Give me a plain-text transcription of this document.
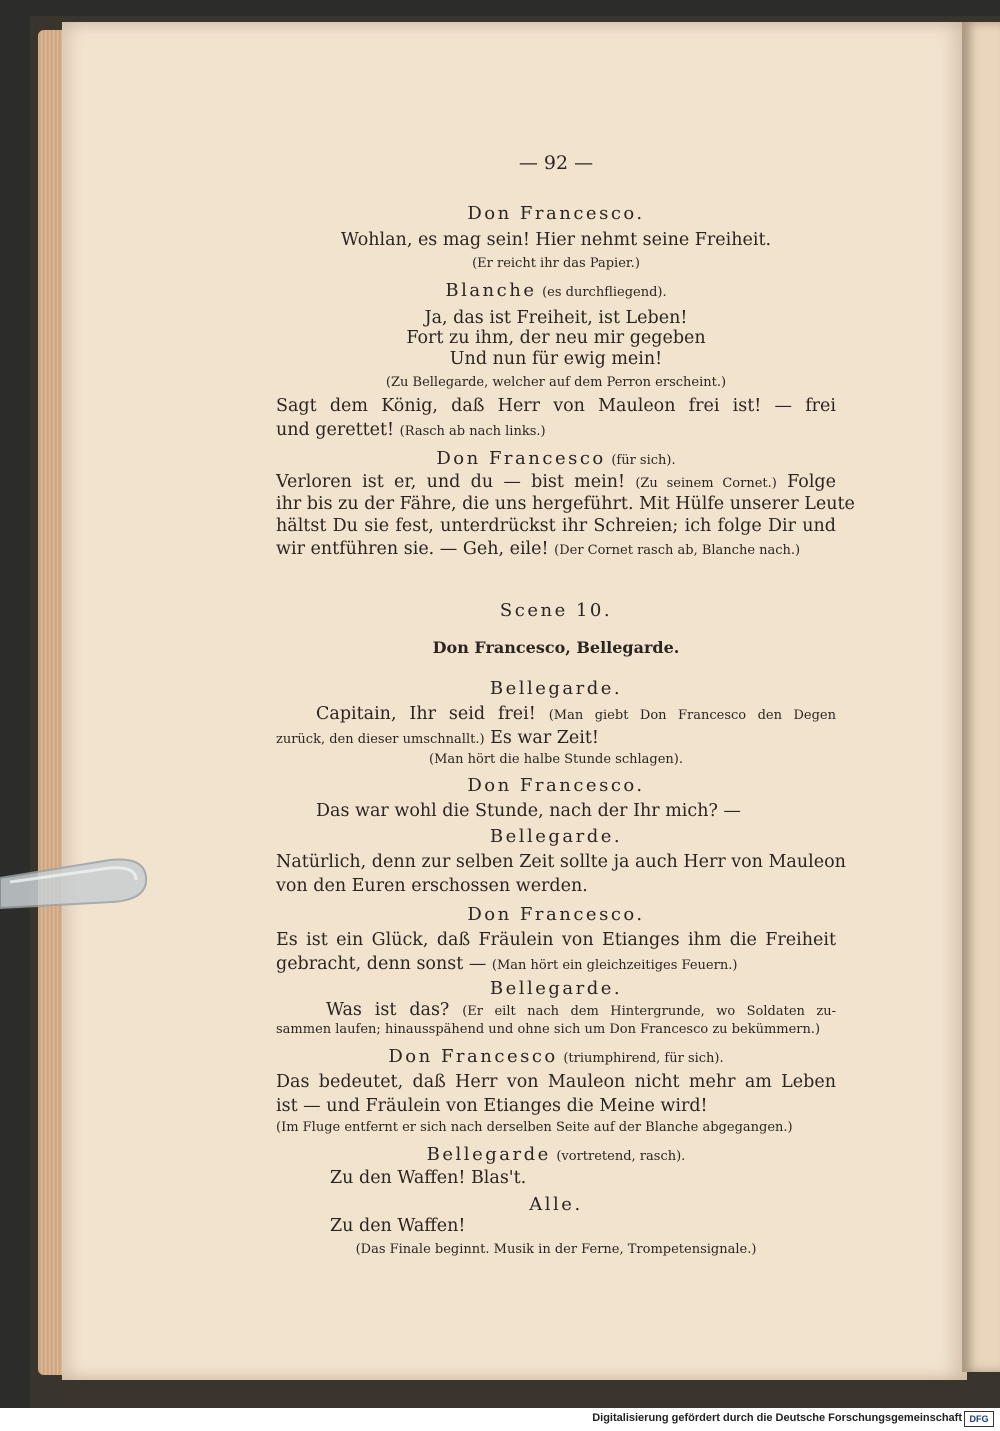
— 92 —
Don Francesco.
Wohlan, es mag sein! Hier nehmt seine Freiheit.
(Er reicht ihr das Papier.)
Blanche (es durchfliegend).
Ja, das ist Freiheit, ist Leben!
Fort zu ihm, der neu mir gegeben
Und nun für ewig mein!
(Zu Bellegarde, welcher auf dem Perron erscheint.)
Sagt dem König, daß Herr von Mauleon frei ist! — frei
und gerettet! (Rasch ab nach links.)
Don Francesco (für sich).
Verloren ist er, und du — bist mein! (Zu seinem Cornet.) Folge
ihr bis zu der Fähre, die uns hergeführt. Mit Hülfe unserer Leute
hältst Du sie fest, unterdrückst ihr Schreien; ich folge Dir und
wir entführen sie. — Geh, eile! (Der Cornet rasch ab, Blanche nach.)
Scene 10.
Don Francesco, Bellegarde.
Bellegarde.
Capitain, Ihr seid frei! (Man giebt Don Francesco den Degen
zurück, den dieser umschnallt.) Es war Zeit!
(Man hört die halbe Stunde schlagen).
Don Francesco.
Das war wohl die Stunde, nach der Ihr mich? —
Bellegarde.
Natürlich, denn zur selben Zeit sollte ja auch Herr von Mauleon
von den Euren erschossen werden.
Don Francesco.
Es ist ein Glück, daß Fräulein von Etianges ihm die Freiheit
gebracht, denn sonst — (Man hört ein gleichzeitiges Feuern.)
Bellegarde.
Was ist das? (Er eilt nach dem Hintergrunde, wo Soldaten zu-
sammen laufen; hinausspähend und ohne sich um Don Francesco zu bekümmern.)
Don Francesco (triumphirend, für sich).
Das bedeutet, daß Herr von Mauleon nicht mehr am Leben
ist — und Fräulein von Etianges die Meine wird!
(Im Fluge entfernt er sich nach derselben Seite auf der Blanche abgegangen.)
Bellegarde (vortretend, rasch).
Zu den Waffen! Blas't.
Alle.
Zu den Waffen!
(Das Finale beginnt. Musik in der Ferne, Trompetensignale.)
Digitalisierung gefördert durch die Deutsche Forschungsgemeinschaft DFG
